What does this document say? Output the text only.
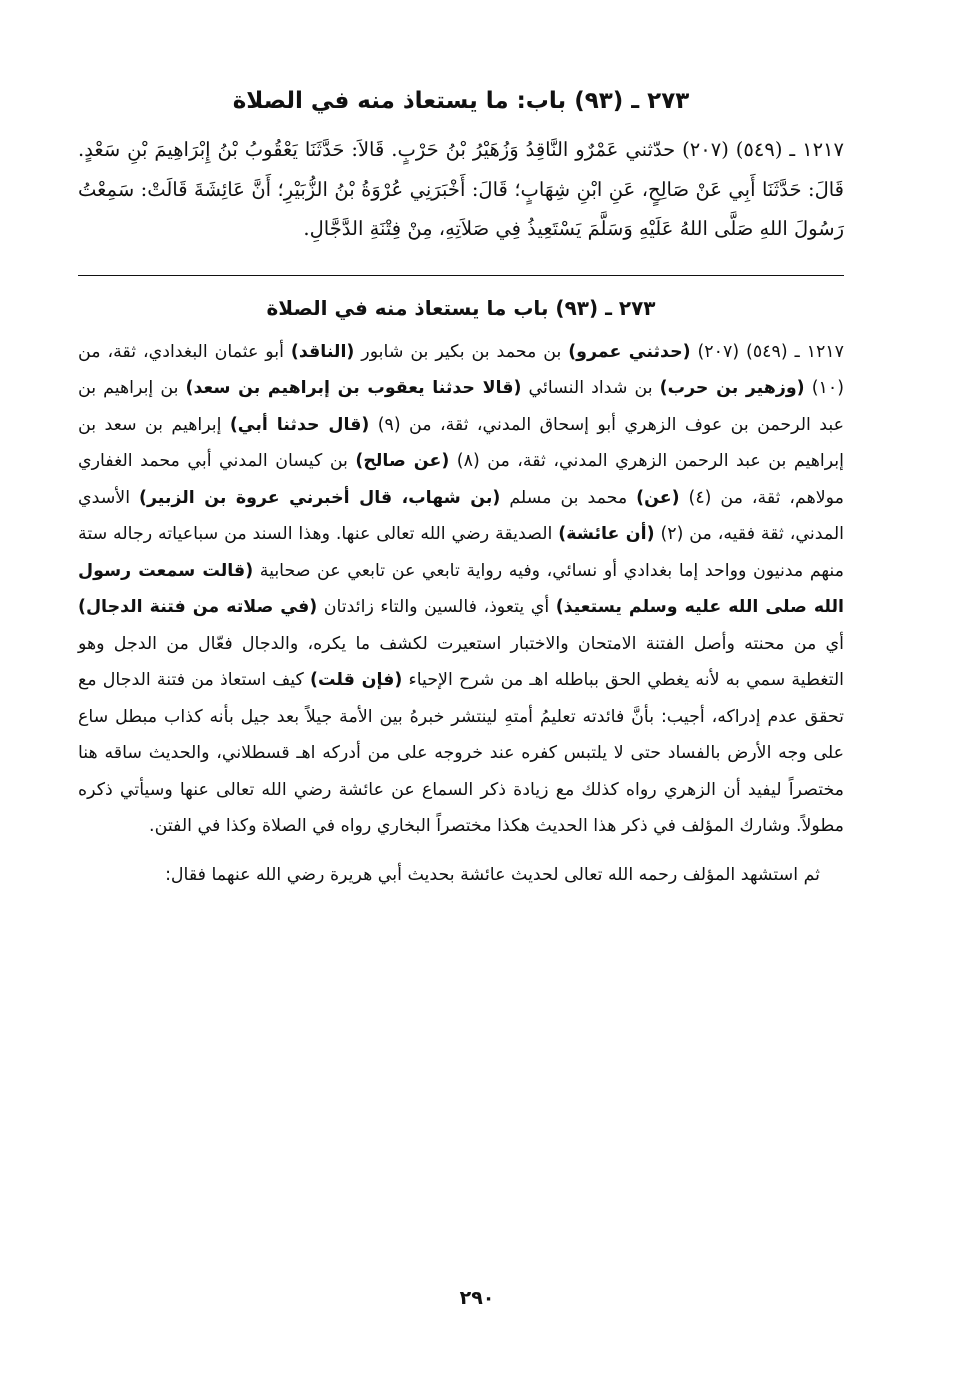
٢٧٣ ـ (٩٣) باب: ما يستعاذ منه في الصلاة

١٢١٧ ـ (٥٤٩) (٢٠٧) حدّثني عَمْرٌو النَّاقِدُ وَزُهَيْرُ بْنُ حَرْبٍ. قَالاَ: حَدَّثَنَا يَعْقُوبُ بْنُ إِبْرَاهِيمَ بْنِ سَعْدٍ. قَالَ: حَدَّثَنَا أَبِي عَنْ صَالِحٍ، عَنِ ابْنِ شِهَابٍ؛ قَالَ: أَخْبَرَنِي عُرْوَةُ بْنُ الزُّبَيْرِ؛ أَنَّ عَائِشَةَ قَالَتْ: سَمِعْتُ رَسُولَ اللهِ صَلَّى اللهُ عَلَيْهِ وَسَلَّمَ يَسْتَعِيذُ فِي صَلاَتِهِ، مِنْ فِتْنَةِ الدَّجَّالِ.

٢٧٣ ـ (٩٣) باب ما يستعاذ منه في الصلاة

١٢١٧ ـ (٥٤٩) (٢٠٧) (حدثني عمرو) بن محمد بن بكير بن شابور (الناقد) أبو عثمان البغدادي، ثقة، من (١٠) (وزهير بن حرب) بن شداد النسائي (قالا حدثنا يعقوب بن إبراهيم بن سعد) بن إبراهيم بن عبد الرحمن بن عوف الزهري أبو إسحاق المدني، ثقة، من (٩) (قال حدثنا أبي) إبراهيم بن سعد بن إبراهيم بن عبد الرحمن الزهري المدني، ثقة، من (٨) (عن صالح) بن كيسان المدني أبي محمد الغفاري مولاهم، ثقة، من (٤) (عن) محمد بن مسلم (بن شهاب، قال أخبرني عروة بن الزبير) الأسدي المدني، ثقة فقيه، من (٢) (أن عائشة) الصديقة رضي الله تعالى عنها. وهذا السند من سباعياته رجاله ستة منهم مدنيون وواحد إما بغدادي أو نسائي، وفيه رواية تابعي عن تابعي عن صحابية (قالت سمعت رسول الله صلى الله عليه وسلم يستعيذ) أي يتعوذ، فالسين والتاء زائدتان (في صلاته من فتنة الدجال) أي من محنته وأصل الفتنة الامتحان والاختبار استعيرت لكشف ما يكره، والدجال فعّال من الدجل وهو التغطية سمي به لأنه يغطي الحق بباطله اهـ من شرح الإحياء (فإن قلت) كيف استعاذ من فتنة الدجال مع تحقق عدم إدراكه، أجيب: بأنَّ فائدته تعليمُ أمتهِ لينتشر خبرهُ بين الأمة جيلاً بعد جيل بأنه كذاب مبطل ساع على وجه الأرض بالفساد حتى لا يلتبس كفره عند خروجه على من أدركه اهـ قسطلاني، والحديث ساقه هنا مختصراً ليفيد أن الزهري رواه كذلك مع زيادة ذكر السماع عن عائشة رضي الله تعالى عنها وسيأتي ذكره مطولاً. وشارك المؤلف في ذكر هذا الحديث هكذا مختصراً البخاري رواه في الصلاة وكذا في الفتن.

ثم استشهد المؤلف رحمه الله تعالى لحديث عائشة بحديث أبي هريرة رضي الله عنهما فقال:

٢٩٠
